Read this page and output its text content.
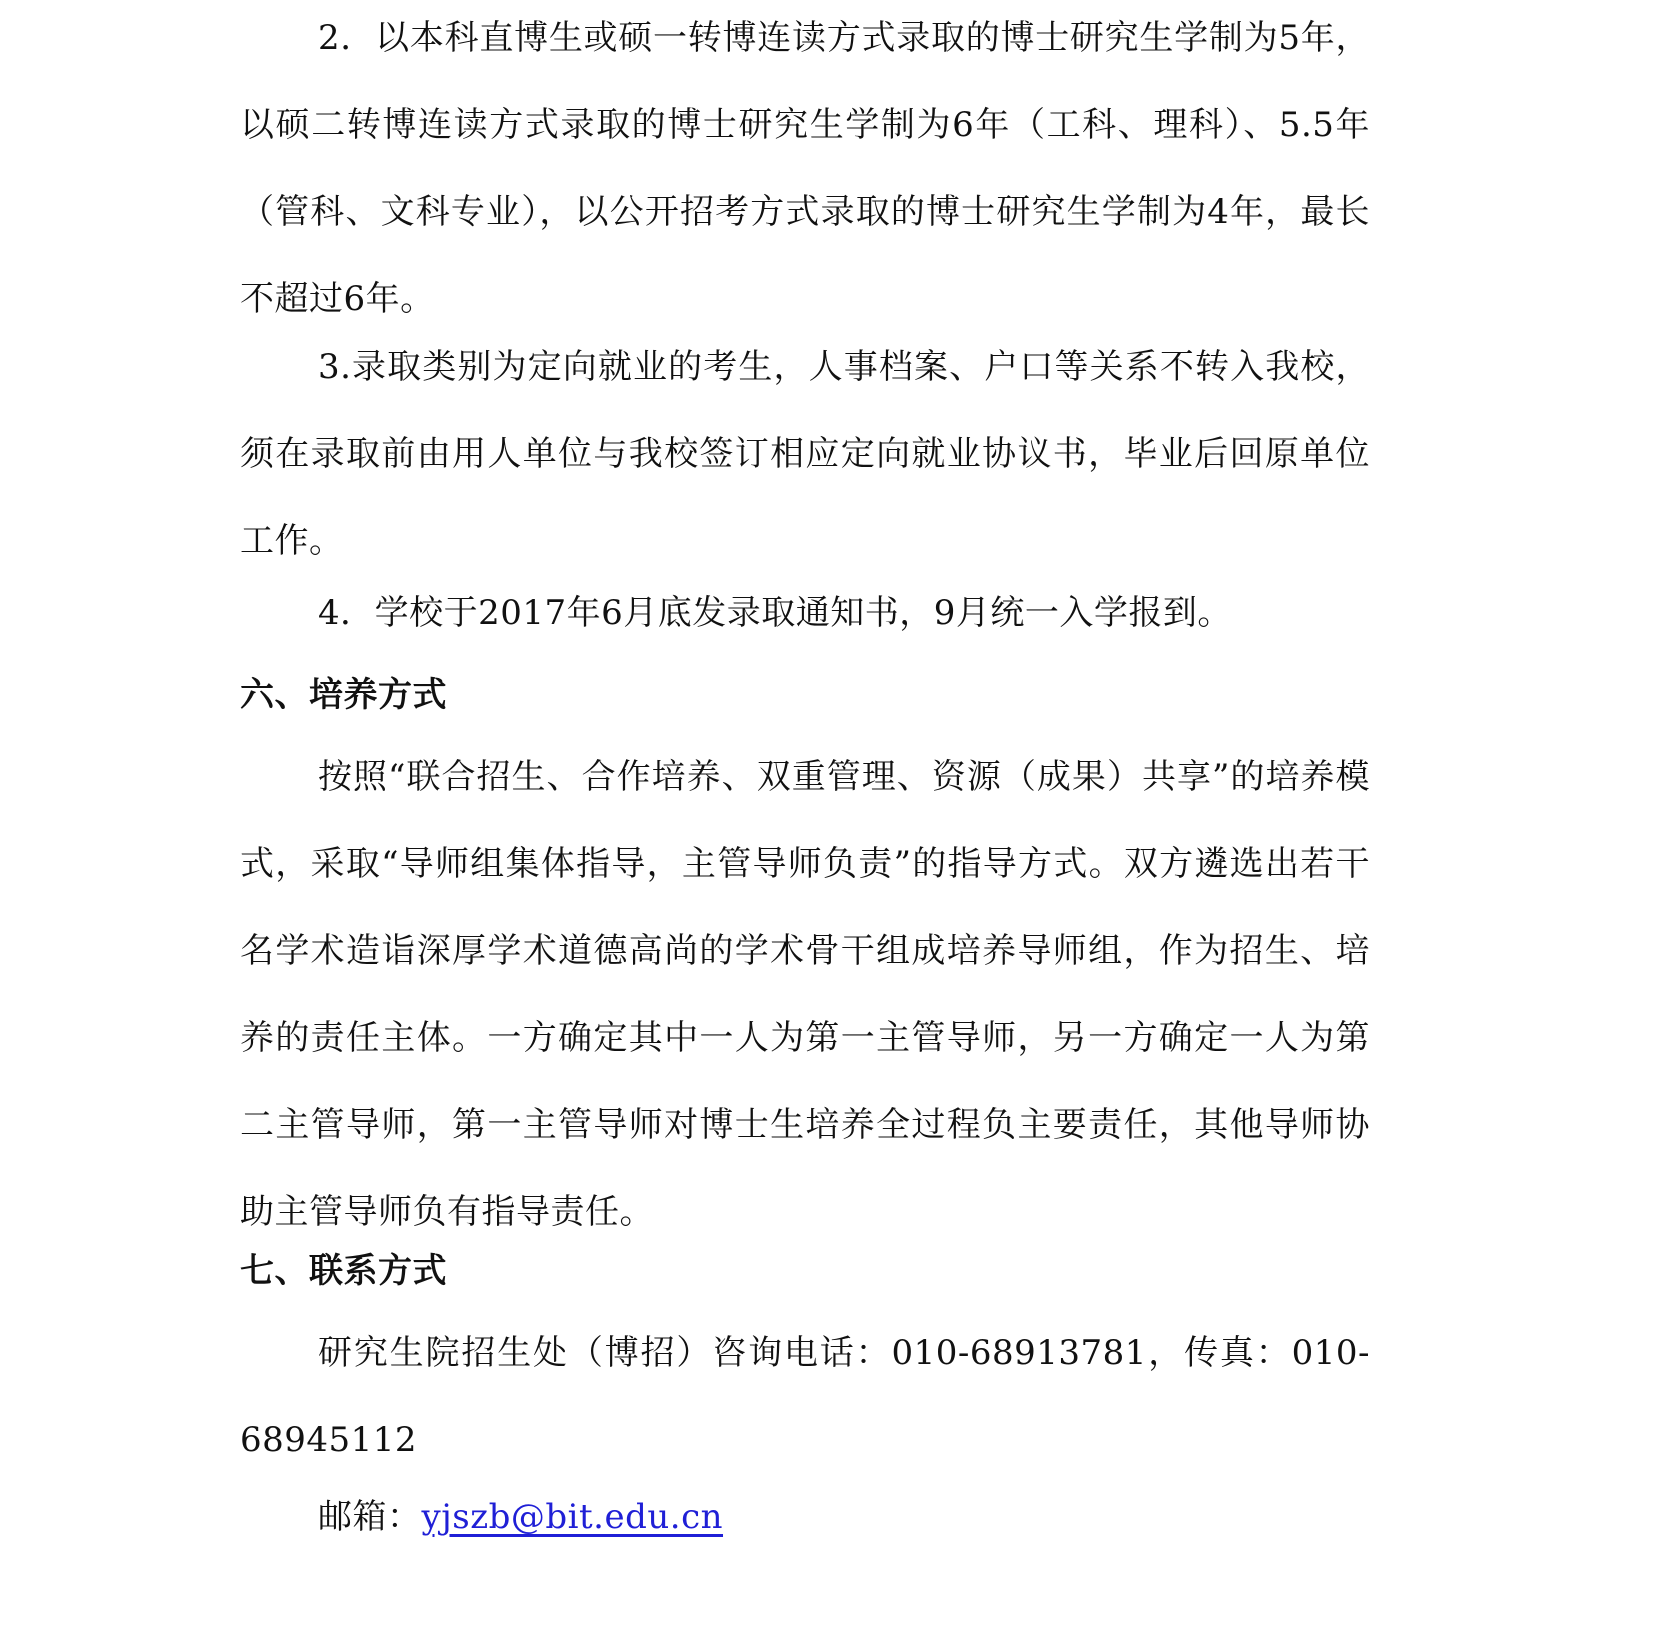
2．以本科直博生或硕一转博连读方式录取的博士研究生学制为5年，以硕二转博连读方式录取的博士研究生学制为6年（工科、理科）、5.5年（管科、文科专业），以公开招考方式录取的博士研究生学制为4年，最长不超过6年。

3.录取类别为定向就业的考生，人事档案、户口等关系不转入我校，须在录取前由用人单位与我校签订相应定向就业协议书，毕业后回原单位工作。

4．学校于2017年6月底发录取通知书，9月统一入学报到。

六、培养方式

按照“联合招生、合作培养、双重管理、资源（成果）共享”的培养模式，采取“导师组集体指导，主管导师负责”的指导方式。双方遴选出若干名学术造诣深厚学术道德高尚的学术骨干组成培养导师组，作为招生、培养的责任主体。一方确定其中一人为第一主管导师，另一方确定一人为第二主管导师，第一主管导师对博士生培养全过程负主要责任，其他导师协助主管导师负有指导责任。

七、联系方式

研究生院招生处（博招）咨询电话：010-68913781，传真：010-68945112

邮箱：yjszb@bit.edu.cn
